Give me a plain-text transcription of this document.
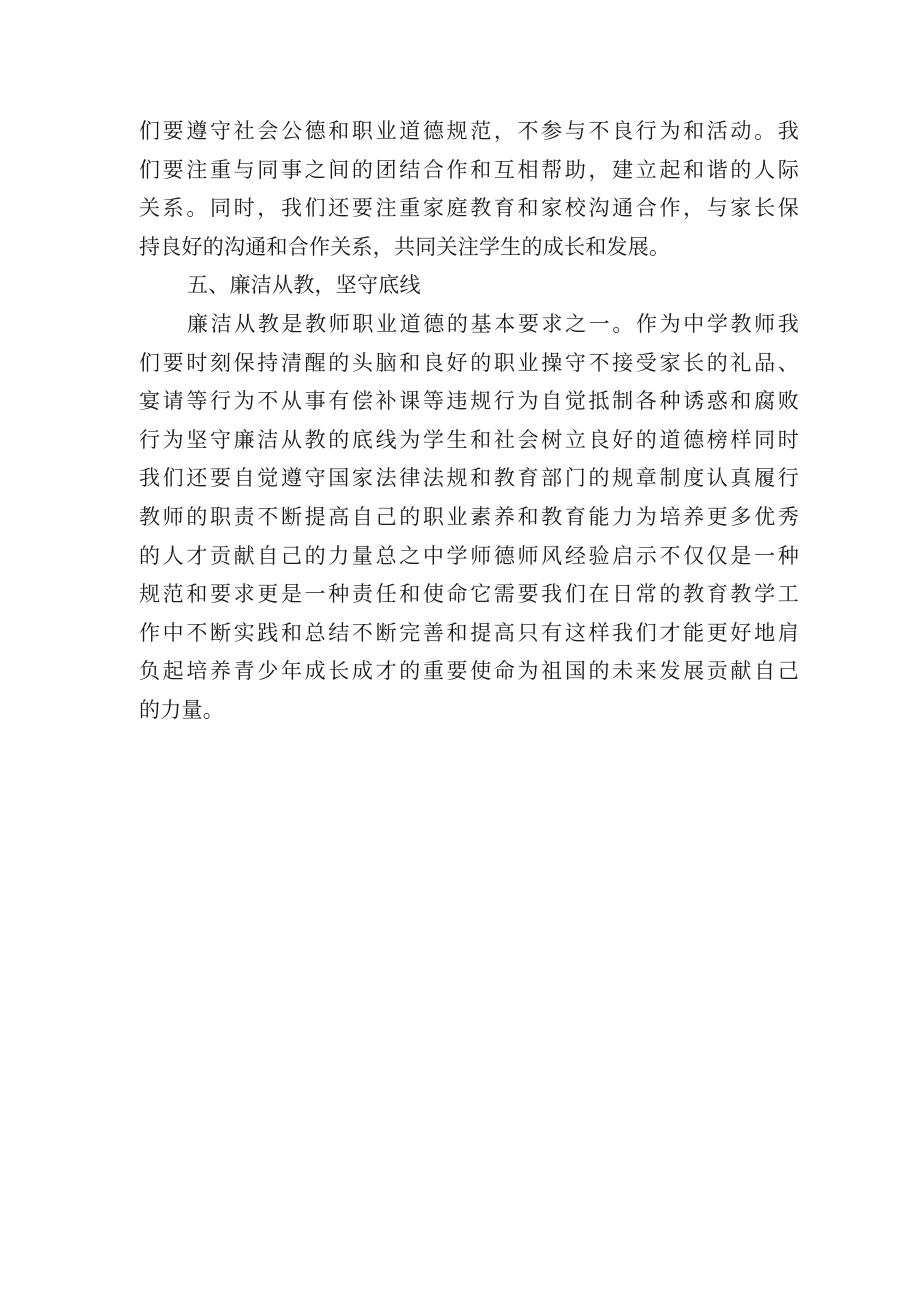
们要遵守社会公德和职业道德规范，不参与不良行为和活动。我
们要注重与同事之间的团结合作和互相帮助，建立起和谐的人际
关系。同时，我们还要注重家庭教育和家校沟通合作，与家长保
持良好的沟通和合作关系，共同关注学生的成长和发展。
五、廉洁从教，坚守底线
廉洁从教是教师职业道德的基本要求之一。作为中学教师我
们要时刻保持清醒的头脑和良好的职业操守不接受家长的礼品、
宴请等行为不从事有偿补课等违规行为自觉抵制各种诱惑和腐败
行为坚守廉洁从教的底线为学生和社会树立良好的道德榜样同时
我们还要自觉遵守国家法律法规和教育部门的规章制度认真履行
教师的职责不断提高自己的职业素养和教育能力为培养更多优秀
的人才贡献自己的力量总之中学师德师风经验启示不仅仅是一种
规范和要求更是一种责任和使命它需要我们在日常的教育教学工
作中不断实践和总结不断完善和提高只有这样我们才能更好地肩
负起培养青少年成长成才的重要使命为祖国的未来发展贡献自己
的力量。
